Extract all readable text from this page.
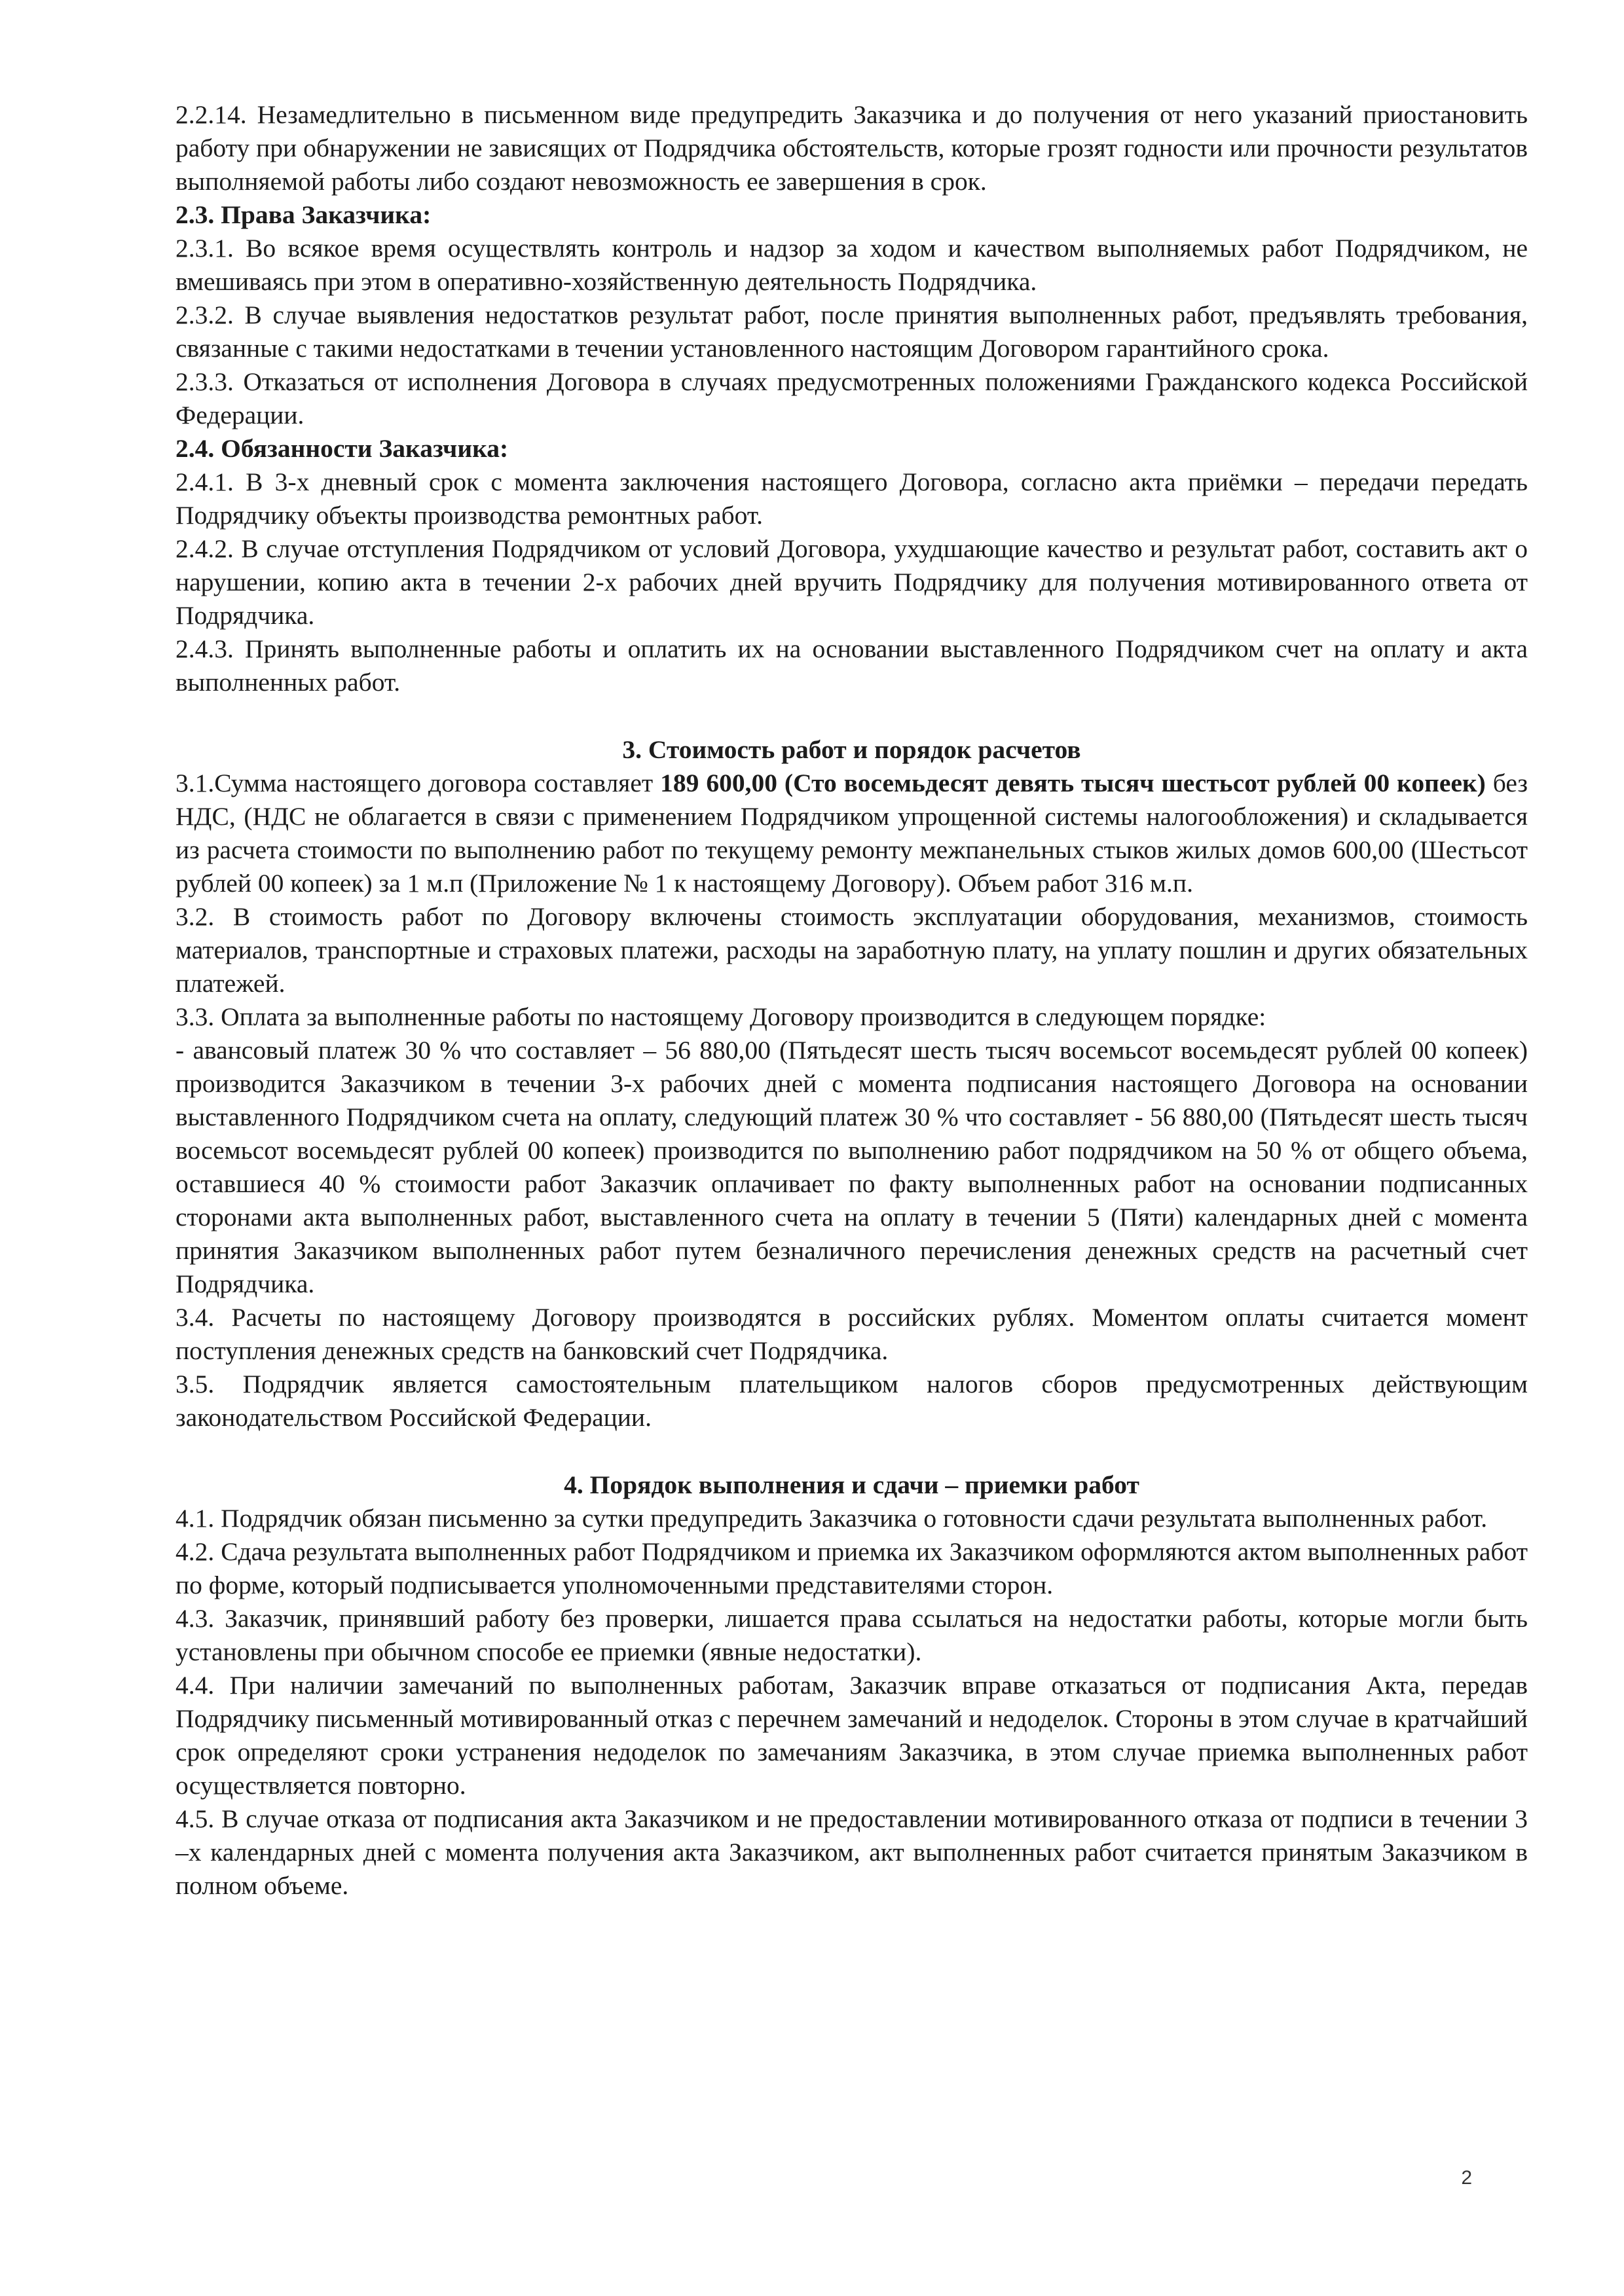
2.2.14. Незамедлительно в письменном виде предупредить Заказчика и до получения от него указаний приостановить работу при обнаружении не зависящих от Подрядчика обстоятельств, которые грозят годности или прочности результатов выполняемой работы либо создают невозможность ее завершения в срок.

2.3. Права Заказчика:

2.3.1. Во всякое время осуществлять контроль и надзор за ходом и качеством выполняемых работ Подрядчиком, не вмешиваясь при этом в оперативно-хозяйственную деятельность Подрядчика.

2.3.2. В случае выявления недостатков результат работ, после принятия выполненных работ, предъявлять требования, связанные с такими недостатками в течении установленного настоящим Договором гарантийного срока.

2.3.3. Отказаться от исполнения Договора в случаях предусмотренных положениями Гражданского кодекса Российской Федерации.

2.4. Обязанности Заказчика:

2.4.1. В 3-х дневный срок с момента заключения настоящего Договора, согласно акта приёмки – передачи передать Подрядчику объекты производства ремонтных работ.

2.4.2. В случае отступления Подрядчиком от условий Договора, ухудшающие качество и результат работ, составить акт о нарушении, копию акта в течении 2-х рабочих дней вручить Подрядчику для получения мотивированного ответа от Подрядчика.

2.4.3. Принять выполненные работы и оплатить их на основании выставленного Подрядчиком счет на оплату и акта выполненных работ.

3. Стоимость работ и порядок расчетов

3.1.Сумма настоящего договора составляет 189 600,00 (Сто восемьдесят девять тысяч шестьсот рублей 00 копеек) без НДС, (НДС не облагается в связи с применением Подрядчиком упрощенной системы налогообложения) и складывается из расчета стоимости по выполнению работ по текущему ремонту межпанельных стыков жилых домов 600,00 (Шестьсот рублей 00 копеек) за 1 м.п (Приложение № 1 к настоящему Договору). Объем работ 316 м.п.

3.2. В стоимость работ по Договору включены стоимость эксплуатации оборудования, механизмов, стоимость материалов, транспортные и страховых платежи, расходы на заработную плату, на уплату пошлин и других обязательных платежей.

3.3. Оплата за выполненные работы по настоящему Договору производится в следующем порядке:

- авансовый платеж 30 % что составляет – 56 880,00 (Пятьдесят шесть тысяч восемьсот восемьдесят рублей 00 копеек) производится Заказчиком в течении 3-х рабочих дней с момента подписания настоящего Договора на основании выставленного Подрядчиком счета на оплату, следующий платеж 30 % что составляет - 56 880,00 (Пятьдесят шесть тысяч восемьсот восемьдесят рублей 00 копеек) производится по выполнению работ подрядчиком на 50 % от общего объема, оставшиеся 40 % стоимости работ Заказчик оплачивает по факту выполненных работ на основании подписанных сторонами акта выполненных работ, выставленного счета на оплату в течении 5 (Пяти) календарных дней с момента принятия Заказчиком выполненных работ путем безналичного перечисления денежных средств на расчетный счет Подрядчика.

3.4. Расчеты по настоящему Договору производятся в российских рублях. Моментом оплаты считается момент поступления денежных средств на банковский счет Подрядчика.

3.5. Подрядчик является самостоятельным плательщиком налогов сборов предусмотренных действующим законодательством Российской Федерации.

4. Порядок выполнения и сдачи – приемки работ

4.1. Подрядчик обязан письменно за сутки предупредить Заказчика о готовности сдачи результата выполненных работ.

4.2. Сдача результата выполненных работ Подрядчиком и приемка их Заказчиком оформляются актом выполненных работ по форме, который подписывается уполномоченными представителями сторон.

4.3. Заказчик, принявший работу без проверки, лишается права ссылаться на недостатки работы, которые могли быть установлены при обычном способе ее приемки (явные недостатки).

4.4. При наличии замечаний по выполненных работам, Заказчик вправе отказаться от подписания Акта, передав Подрядчику письменный мотивированный отказ с перечнем замечаний и недоделок. Стороны в этом случае в кратчайший срок определяют сроки устранения недоделок по замечаниям Заказчика, в этом случае приемка выполненных работ осуществляется повторно.

4.5. В случае отказа от подписания акта Заказчиком и не предоставлении мотивированного отказа от подписи в течении 3 –х календарных дней с момента получения акта Заказчиком, акт выполненных работ считается принятым Заказчиком в полном объеме.

2
